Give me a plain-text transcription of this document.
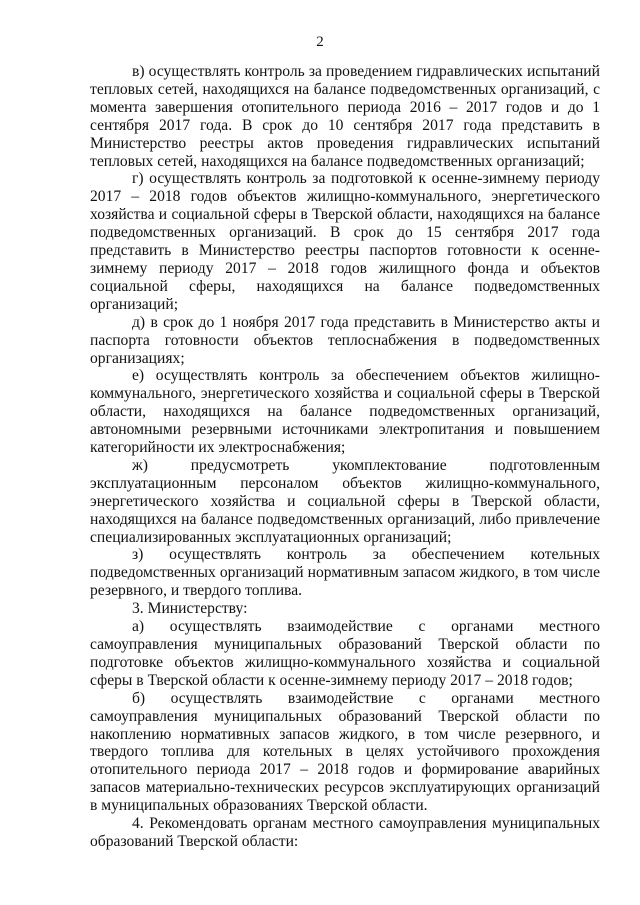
2

в) осуществлять контроль за проведением гидравлических испытаний тепловых сетей, находящихся на балансе подведомственных организаций, с момента завершения отопительного периода 2016 – 2017 годов и до 1 сентября 2017 года. В срок до 10 сентября 2017 года представить в Министерство реестры актов проведения гидравлических испытаний тепловых сетей, находящихся на балансе подведомственных организаций;

г) осуществлять контроль за подготовкой к осенне-зимнему периоду 2017 – 2018 годов объектов жилищно-коммунального, энергетического хозяйства и социальной сферы в Тверской области, находящихся на балансе подведомственных организаций. В срок до 15 сентября 2017 года представить в Министерство реестры паспортов готовности к осенне-зимнему периоду 2017 – 2018 годов жилищного фонда и объектов социальной сферы, находящихся на балансе подведомственных организаций;

д) в срок до 1 ноября 2017 года представить в Министерство акты и паспорта готовности объектов теплоснабжения в подведомственных организациях;

е) осуществлять контроль за обеспечением объектов жилищно-коммунального, энергетического хозяйства и социальной сферы в Тверской области, находящихся на балансе подведомственных организаций, автономными резервными источниками электропитания и повышением категорийности их электроснабжения;

ж) предусмотреть укомплектование подготовленным эксплуатационным персоналом объектов жилищно-коммунального, энергетического хозяйства и социальной сферы в Тверской области, находящихся на балансе подведомственных организаций, либо привлечение специализированных эксплуатационных организаций;

з) осуществлять контроль за обеспечением котельных подведомственных организаций нормативным запасом жидкого, в том числе резервного, и твердого топлива.

3. Министерству:

а) осуществлять взаимодействие с органами местного самоуправления муниципальных образований Тверской области по подготовке объектов жилищно-коммунального хозяйства и социальной сферы в Тверской области к осенне-зимнему периоду 2017 – 2018 годов;

б) осуществлять взаимодействие с органами местного самоуправления муниципальных образований Тверской области по накоплению нормативных запасов жидкого, в том числе резервного, и твердого топлива для котельных в целях устойчивого прохождения отопительного периода 2017 – 2018 годов и формирование аварийных запасов материально-технических ресурсов эксплуатирующих организаций в муниципальных образованиях Тверской области.

4. Рекомендовать органам местного самоуправления муниципальных образований Тверской области:
